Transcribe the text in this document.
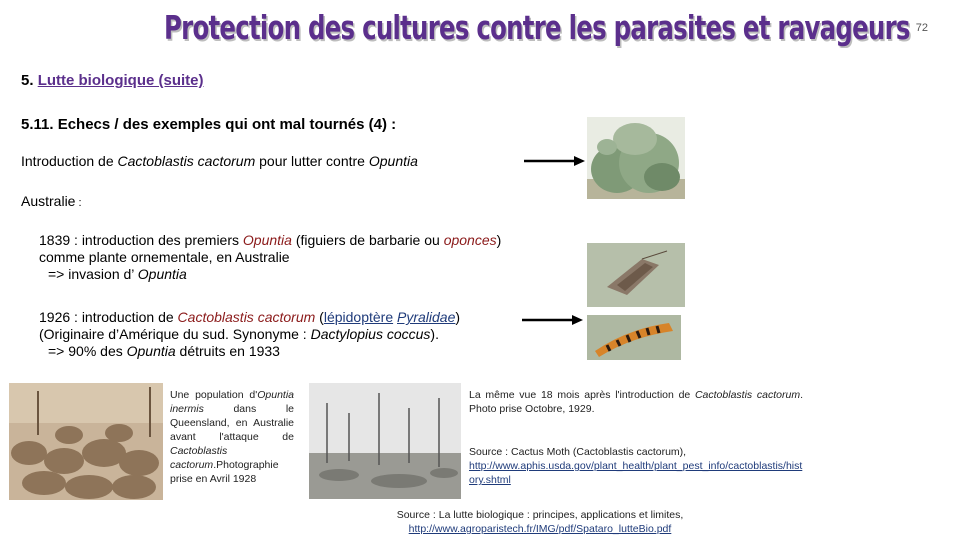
Protection des cultures contre les parasites et ravageurs 72
5. Lutte biologique (suite)
5.11. Echecs / des exemples qui ont mal tournés (4) :
Introduction de Cactoblastis cactorum pour lutter contre Opuntia
Australie :
1839 : introduction des premiers Opuntia (figuiers de barbarie ou oponces)
comme plante ornementale, en Australie
=> invasion d’ Opuntia
1926 : introduction de Cactoblastis cactorum (lépidoptère Pyralidae)
(Originaire d’Amérique du sud. Synonyme : Dactylopius coccus).
=> 90% des Opuntia détruits en 1933
Une population d'Opuntia inermis dans le Queensland, en Australie avant l'attaque de Cactoblastis cactorum.Photographie prise en Avril 1928
La même vue 18 mois après l'introduction de Cactoblastis cactorum. Photo prise Octobre, 1929.
Source : Cactus Moth (Cactoblastis cactorum),
http://www.aphis.usda.gov/plant_health/plant_pest_info/cactoblastis/history.shtml
Source : La lutte biologique : principes, applications et limites,
http://www.agroparistech.fr/IMG/pdf/Spataro_lutteBio.pdf
